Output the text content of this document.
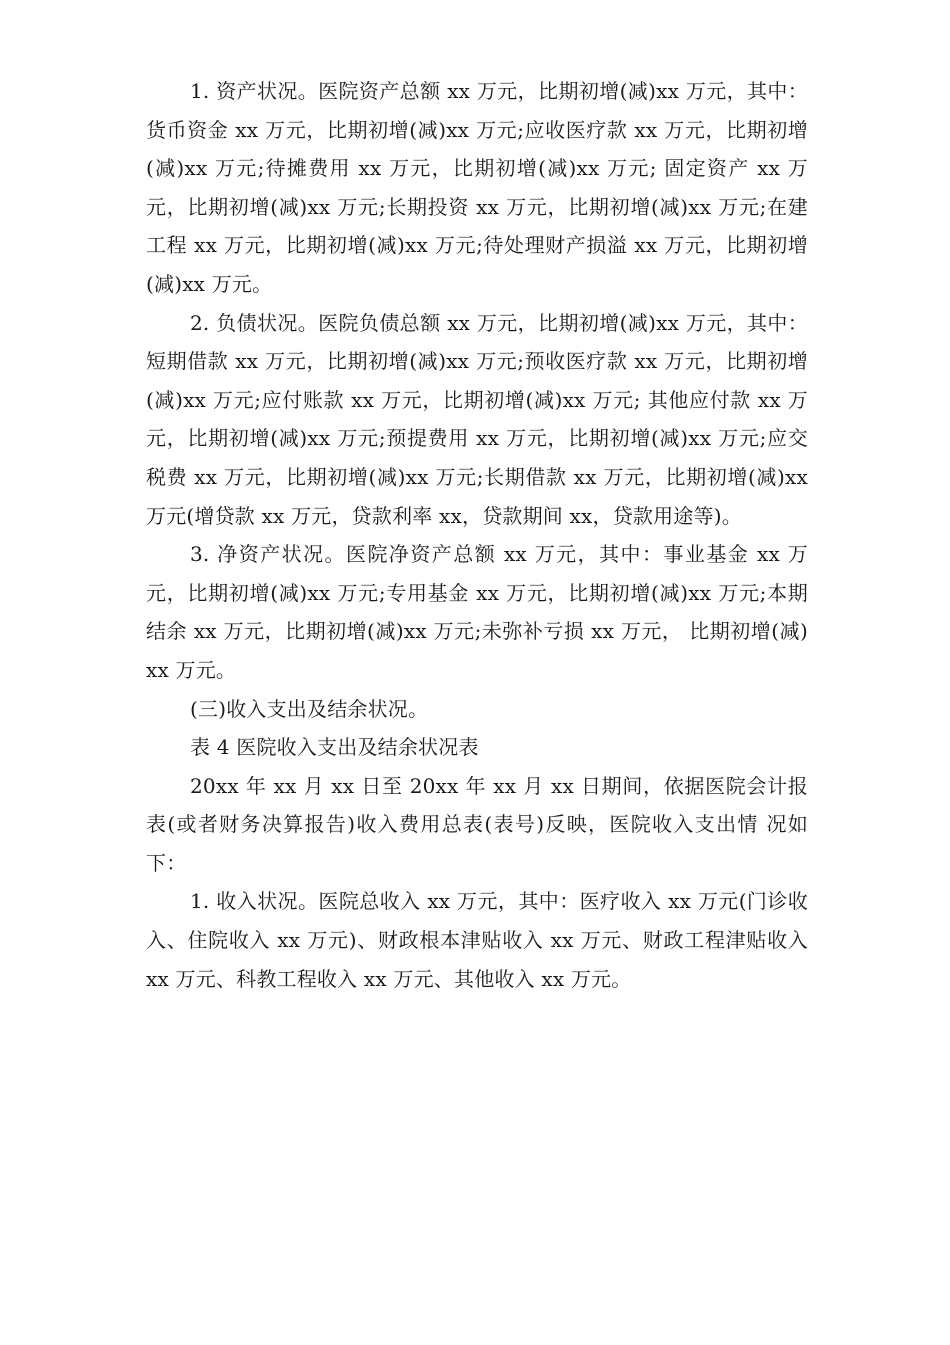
1. 资产状况。医院资产总额 xx 万元，比期初增(减)xx 万元，其中：货币资金 xx 万元，比期初增(减)xx 万元;应收医疗款 xx 万元，比期初增(减)xx 万元;待摊费用 xx 万元，比期初增(减)xx 万元; 固定资产 xx 万元，比期初增(减)xx 万元;长期投资 xx 万元，比期初增(减)xx 万元;在建工程 xx 万元，比期初增(减)xx 万元;待处理财产损溢 xx 万元，比期初增(减)xx 万元。

2. 负债状况。医院负债总额 xx 万元，比期初增(减)xx 万元，其中：短期借款 xx 万元，比期初增(减)xx 万元;预收医疗款 xx 万元，比期初增(减)xx 万元;应付账款 xx 万元，比期初增(减)xx 万元; 其他应付款 xx 万元，比期初增(减)xx 万元;预提费用 xx 万元，比期初增(减)xx 万元;应交税费 xx 万元，比期初增(减)xx 万元;长期借款 xx 万元，比期初增(减)xx 万元(增贷款 xx 万元，贷款利率 xx，贷款期间 xx，贷款用途等)。

3. 净资产状况。医院净资产总额 xx 万元，其中：事业基金 xx 万元，比期初增(减)xx 万元;专用基金 xx 万元，比期初增(减)xx 万元;本期结余 xx 万元，比期初增(减)xx 万元;未弥补亏损 xx 万元， 比期初增(减)xx 万元。

(三)收入支出及结余状况。

表 4 医院收入支出及结余状况表

20xx 年 xx 月 xx 日至 20xx 年 xx 月 xx 日期间，依据医院会计报表(或者财务决算报告)收入费用总表(表号)反映，医院收入支出情 况如下：

1. 收入状况。医院总收入 xx 万元，其中：医疗收入 xx 万元(门诊收入、住院收入 xx 万元)、财政根本津贴收入 xx 万元、财政工程津贴收入 xx 万元、科教工程收入 xx 万元、其他收入 xx 万元。
